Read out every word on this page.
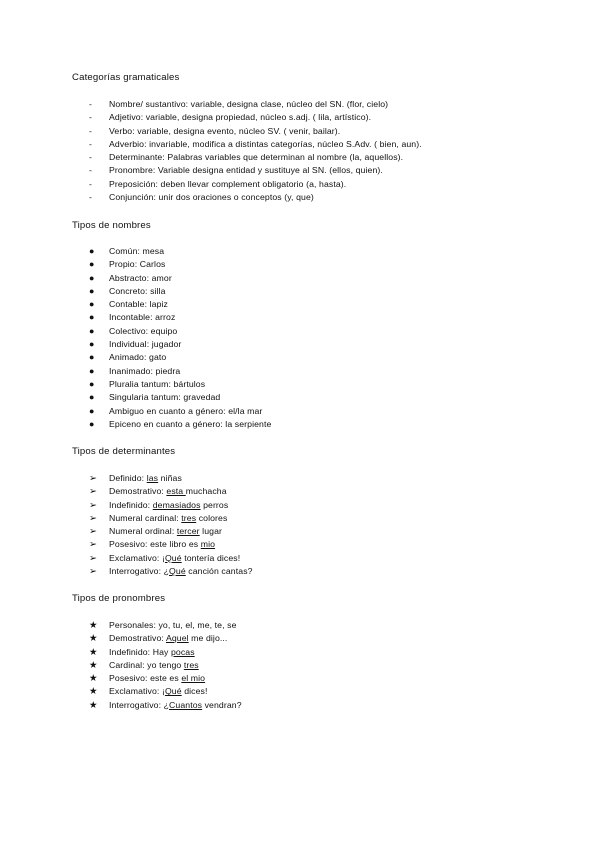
Categorías gramaticales
- Nombre/ sustantivo: variable, designa clase, núcleo del SN. (flor, cielo)
- Adjetivo: variable, designa propiedad, núcleo s.adj. ( lila, artístico).
- Verbo: variable, designa evento, núcleo SV. ( venir, bailar).
- Adverbio: invariable, modifica a distintas categorías, núcleo S.Adv. ( bien, aun).
- Determinante: Palabras variables que determinan al nombre (la, aquellos).
- Pronombre: Variable designa entidad y sustituye al SN. (ellos, quien).
- Preposición: deben llevar complement obligatorio (a, hasta).
- Conjunción: unir dos oraciones o conceptos (y, que)
Tipos de nombres
● Común: mesa
● Propio: Carlos
● Abstracto: amor
● Concreto: silla
● Contable: lapiz
● Incontable: arroz
● Colectivo: equipo
● Individual: jugador
● Animado: gato
● Inanimado: piedra
● Pluralia tantum: bártulos
● Singularia tantum: gravedad
● Ambiguo en cuanto a género: el/la mar
● Epiceno en cuanto a género: la serpiente
Tipos de determinantes
➢ Definido: las niñas
➢ Demostrativo: esta muchacha
➢ Indefinido: demasiados perros
➢ Numeral cardinal: tres colores
➢ Numeral ordinal: tercer lugar
➢ Posesivo: este libro es mio
➢ Exclamativo: ¡Qué tontería dices!
➢ Interrogativo: ¿Qué canción cantas?
Tipos de pronombres
★ Personales: yo, tu, el, me, te, se
★ Demostrativo: Aquel me dijo...
★ Indefinido: Hay pocas
★ Cardinal: yo tengo tres
★ Posesivo: este es el mio
★ Exclamativo: ¡Qué dices!
★ Interrogativo: ¿Cuantos vendran?
